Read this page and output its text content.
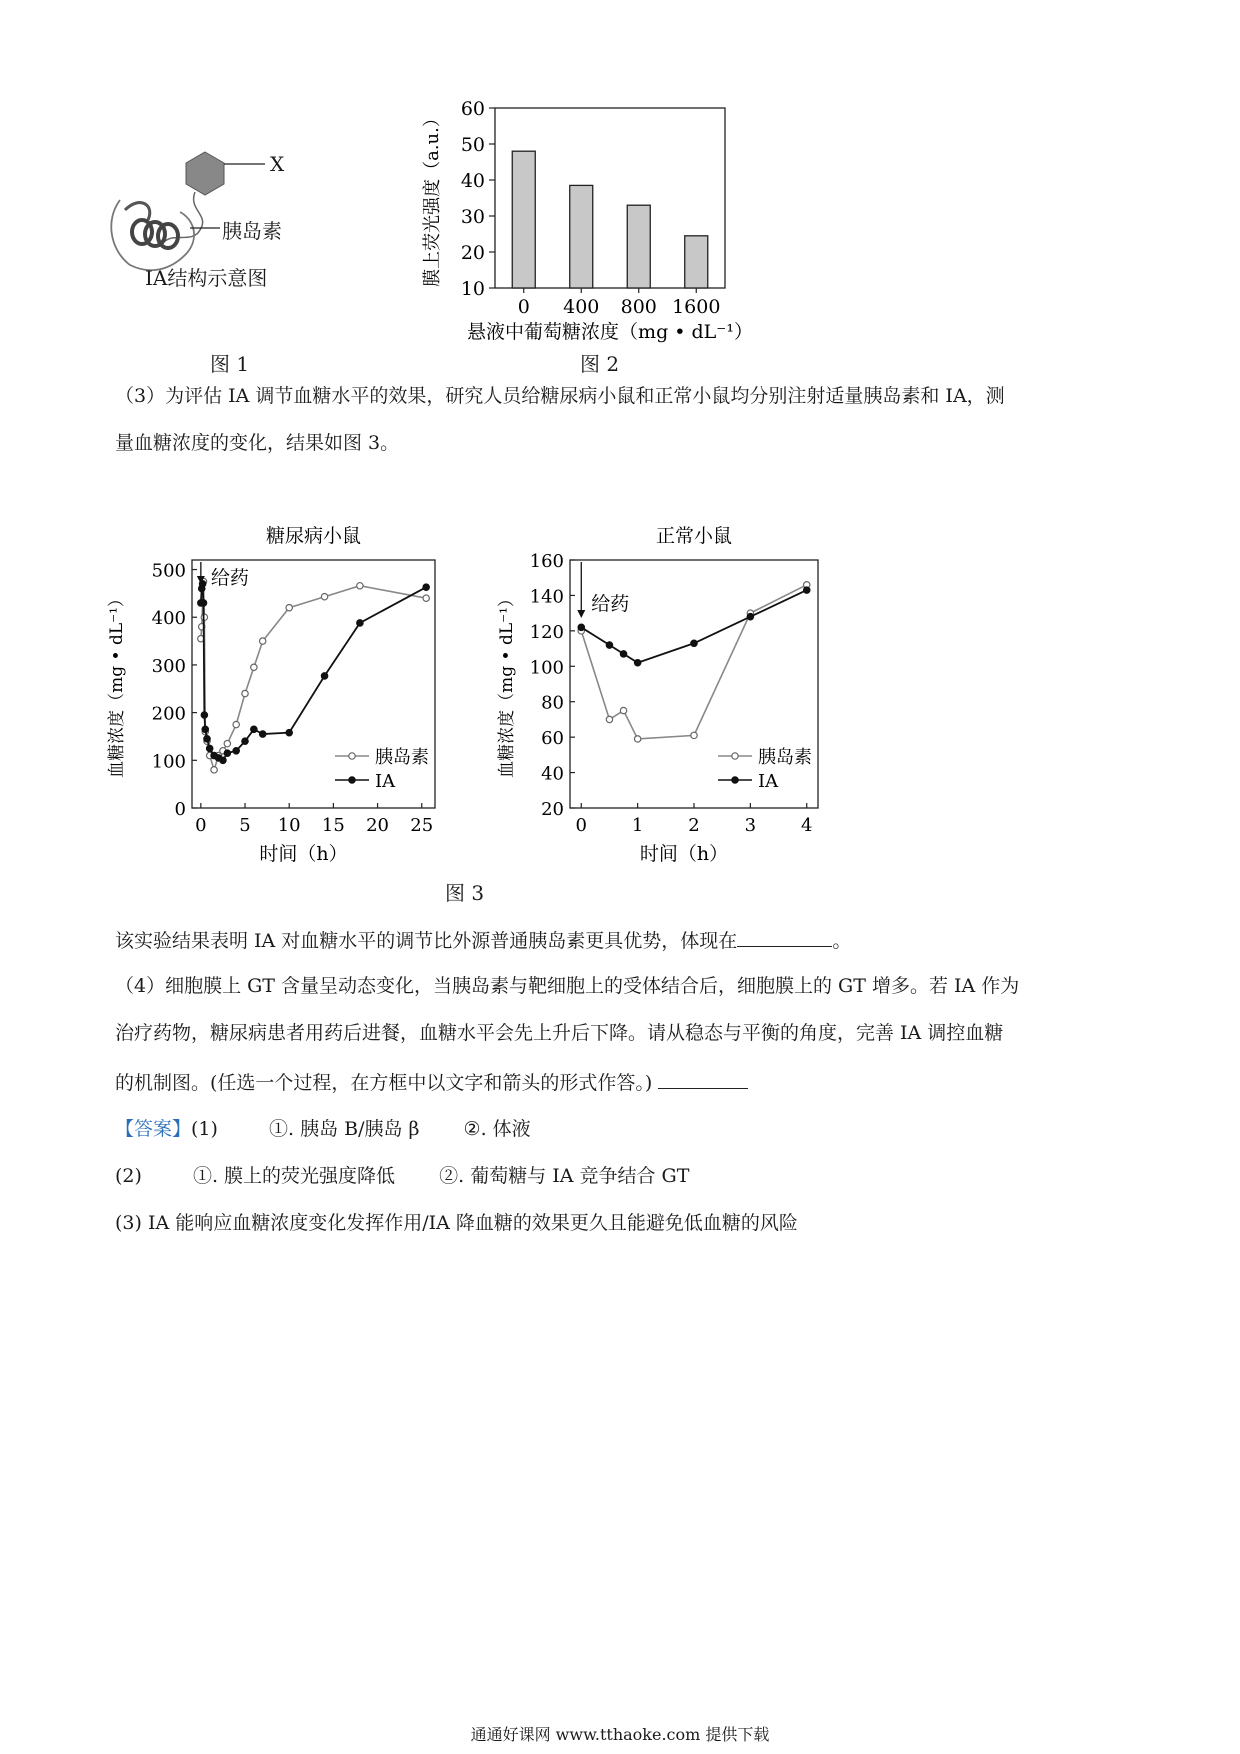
X
胰岛素
IA结构示意图
图 1
10
20
30
40
50
60
0 400 800 1600
悬液中葡萄糖浓度（mg • dL⁻¹）
膜上荧光强度（a.u.）
图 2
（3）为评估 IA 调节血糖水平的效果，研究人员给糖尿病小鼠和正常小鼠均分别注射适量胰岛素和 IA，测
量血糖浓度的变化，结果如图 3。
糖尿病小鼠
0
100
200
300
400
500
0 5 10 15 20 25
时间（h）
血糖浓度（mg • dL⁻¹）
给药
胰岛素
IA
正常小鼠
20
40
60
80
100
120
140
160
0 1 2 3 4
时间（h）
血糖浓度（mg • dL⁻¹）	给药
胰岛素
IA
图 3
该实验结果表明 IA 对血糖水平的调节比外源普通胰岛素更具优势，体现在	。
（4）细胞膜上 GT 含量呈动态变化，当胰岛素与靶细胞上的受体结合后，细胞膜上的 GT 增多。若 IA 作为
治疗药物，糖尿病患者用药后进餐，血糖水平会先上升后下降。请从稳态与平衡的角度，完善 IA 调控血糖
的机制图。(任选一个过程，在方框中以文字和箭头的形式作答。)
【答案】(1)	①. 胰岛 B/胰岛 β ②. 体液
(2)	①. 膜上的荧光强度降低 ②. 葡萄糖与 IA 竞争结合 GT
(3) IA 能响应血糖浓度变化发挥作用/IA 降血糖的效果更久且能避免低血糖的风险
通通好课网 www.tthaoke.com 提供下载
